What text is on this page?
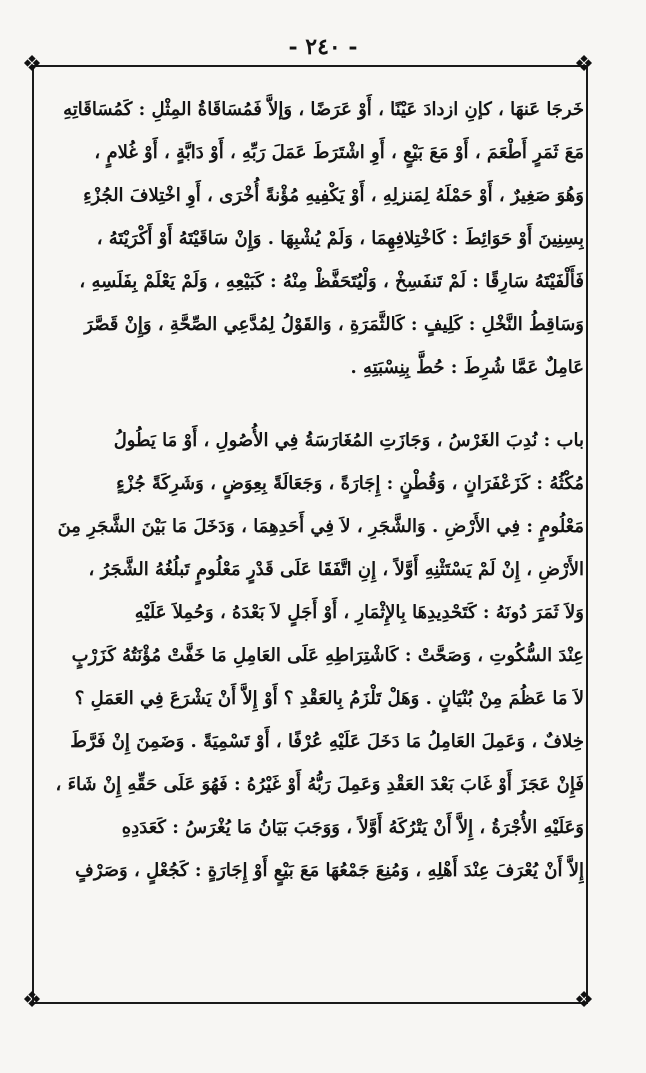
- ٢٤٠ -
❖	❖
❖	❖
خَرجَا عَنهَا ، كإنِ ازدادَ عَيْنًا ، أَوْ عَرَضًا ، وَإلاَّ فَمُسَاقَاةُ المِثْلِ : كَمُسَاقَاتِهِ
مَعَ ثَمَرٍ أَطْعَمَ ، أَوْ مَعَ بَيْعٍ ، أَوِ اشْتَرَطَ عَمَلَ رَبِّهِ ، أَوْ دَابَّةٍ ، أَوْ غُلامٍ ،
وَهُوَ صَغِيرٌ ، أَوْ حَمْلَهُ لِمَنزلِهِ ، أَوْ يَكْفِيهِ مُؤْنةً أُخْرَى ، أَوِ اخْتِلافَ الجُزْءِ
بِسِنِينَ أَوْ حَوَائِطَ : كَاخْتِلافِهِمَا ، وَلَمْ يُشْبِهَا . وَإِنْ سَاقَيْتَهُ أَوْ أَكْرَيْتَهُ ،
فَأَلْفَيْتَهُ سَارِقًا : لَمْ تَنفَسِخْ ، وَلْيُتَحَفَّظْ مِنْهُ : كَبَيْعِهِ ، وَلَمْ يَعْلَمْ بِفَلَسِهِ ،
وَسَاقِطُ النَّخْلِ : كَلِيفٍ : كَالثَّمَرَةِ ، وَالقَوْلُ لِمُدَّعِي الصِّحَّةِ ، وَإِنْ قَصَّرَ
عَامِلٌ عَمَّا شُرِطَ : حُطَّ بِنِسْبَتِهِ .
باب : نُدِبَ الغَرْسُ ، وَجَازَتِ المُغَارَسَةُ فِي الأُصُولِ ، أَوْ مَا يَطُولُ
مُكْثُهُ : كَزَعْفَرَانٍ ، وَقُطْنٍ : إِجَارَةً ، وَجَعَالَةً بِعِوَضٍ ، وَشَرِكَةً جُزْءٍ
مَعْلُومٍ : فِي الأَرْضِ . وَالشَّجَرِ ، لاَ فِي أَحَدِهِمَا ، وَدَخَلَ مَا بَيْنَ الشَّجَرِ مِنَ
الأَرْضِ ، إِنْ لَمْ يَسْتَثْنِهِ أَوَّلاً ، إِنِ اتَّفَقَا عَلَى قَدْرٍ مَعْلُومٍ تَبلُغُهُ الشَّجَرُ ،
وَلاَ ثَمَرَ دُونَهُ : كَتَحْدِيدِهَا بِالإِثْمَارِ ، أَوْ أَجَلٍ لاَ بَعْدَهُ ، وَحُمِلاَ عَلَيْهِ
عِنْدَ السُّكُوتِ ، وَصَحَّتْ : كَاشْتِرَاطِهِ عَلَى العَامِلِ مَا خَفَّتْ مُؤْنَتُهُ كَزَرْبٍ
لاَ مَا عَظُمَ مِنْ بُنْيَانٍ . وَهَلْ تَلْزَمُ بِالعَقْدِ ؟ أَوْ إِلاَّ أَنْ يَشْرَعَ فِي العَمَلِ ؟
خِلافٌ ، وَعَمِلَ العَامِلُ مَا دَخَلَ عَلَيْهِ عُرْفًا ، أَوْ تَسْمِيَةً . وَضَمِنَ إِنْ فَرَّطَ
فَإِنْ عَجَزَ أَوْ غَابَ بَعْدَ العَقْدِ وَعَمِلَ رَبُّهُ أَوْ غَيْرُهُ : فَهُوَ عَلَى حَقِّهِ إِنْ شَاءَ ،
وَعَلَيْهِ الأُجْرَةُ ، إِلاَّ أَنْ يَتْرُكَهُ أَوَّلاً ، وَوَجَبَ بَيَانُ مَا يُغْرَسُ : كَعَدَدِهِ
إِلاَّ أَنْ يُعْرَفَ عِنْدَ أَهْلِهِ ، وَمُنِعَ جَمْعُهَا مَعَ بَيْعٍ أَوْ إِجَارَةٍ : كَجُعْلٍ ، وَصَرْفٍ
